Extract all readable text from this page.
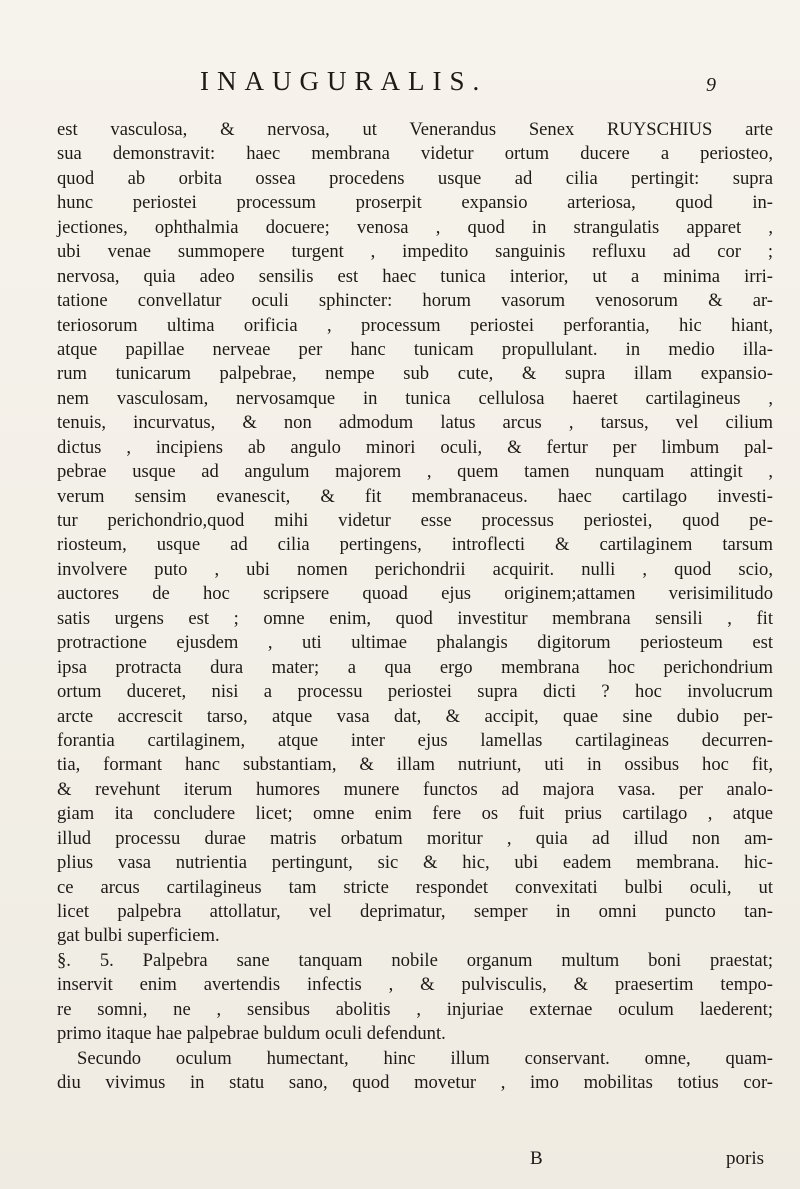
INAUGURALIS.	9
est vasculosa, & nervosa, ut Venerandus Senex RUYSCHIUS arte
sua demonstravit: haec membrana videtur ortum ducere a periosteo,
quod ab orbita ossea procedens usque ad cilia pertingit: supra
hunc periostei processum proserpit expansio arteriosa, quod in-
jectiones, ophthalmia docuere; venosa , quod in strangulatis apparet ,
ubi venae summopere turgent , impedito sanguinis refluxu ad cor ;
nervosa, quia adeo sensilis est haec tunica interior, ut a minima irri-
tatione convellatur oculi sphincter: horum vasorum venosorum & ar-
teriosorum ultima orificia , processum periostei perforantia, hic hiant,
atque papillae nerveae per hanc tunicam propullulant. in medio illa-
rum tunicarum palpebrae, nempe sub cute, & supra illam expansio-
nem vasculosam, nervosamque in tunica cellulosa haeret cartilagineus ,
tenuis, incurvatus, & non admodum latus arcus , tarsus, vel cilium
dictus , incipiens ab angulo minori oculi, & fertur per limbum pal-
pebrae usque ad angulum majorem , quem tamen nunquam attingit ,
verum sensim evanescit, & fit membranaceus. haec cartilago investi-
tur perichondrio,quod mihi videtur esse processus periostei, quod pe-
riosteum, usque ad cilia pertingens, introflecti & cartilaginem tarsum
involvere puto , ubi nomen perichondrii acquirit. nulli , quod scio,
auctores de hoc scripsere quoad ejus originem;attamen verisimilitudo
satis urgens est ; omne enim, quod investitur membrana sensili , fit
protractione ejusdem , uti ultimae phalangis digitorum periosteum est
ipsa protracta dura mater; a qua ergo membrana hoc perichondrium
ortum duceret, nisi a processu periostei supra dicti ? hoc involucrum
arcte accrescit tarso, atque vasa dat, & accipit, quae sine dubio per-
forantia cartilaginem, atque inter ejus lamellas cartilagineas decurren-
tia, formant hanc substantiam, & illam nutriunt, uti in ossibus hoc fit,
& revehunt iterum humores munere functos ad majora vasa. per analo-
giam ita concludere licet; omne enim fere os fuit prius cartilago , atque
illud processu durae matris orbatum moritur , quia ad illud non am-
plius vasa nutrientia pertingunt, sic & hic, ubi eadem membrana. hic-
ce arcus cartilagineus tam stricte respondet convexitati bulbi oculi, ut
licet palpebra attollatur, vel deprimatur, semper in omni puncto tan-
gat bulbi superficiem.
§. 5. Palpebra sane tanquam nobile organum multum boni praestat;
inservit enim avertendis infectis , & pulvisculis, & praesertim tempo-
re somni, ne , sensibus abolitis , injuriae externae oculum laederent;
primo itaque hae palpebrae buldum oculi defendunt.
Secundo oculum humectant, hinc illum conservant. omne, quam-
diu vivimus in statu sano, quod movetur , imo mobilitas totius cor-
B	poris
